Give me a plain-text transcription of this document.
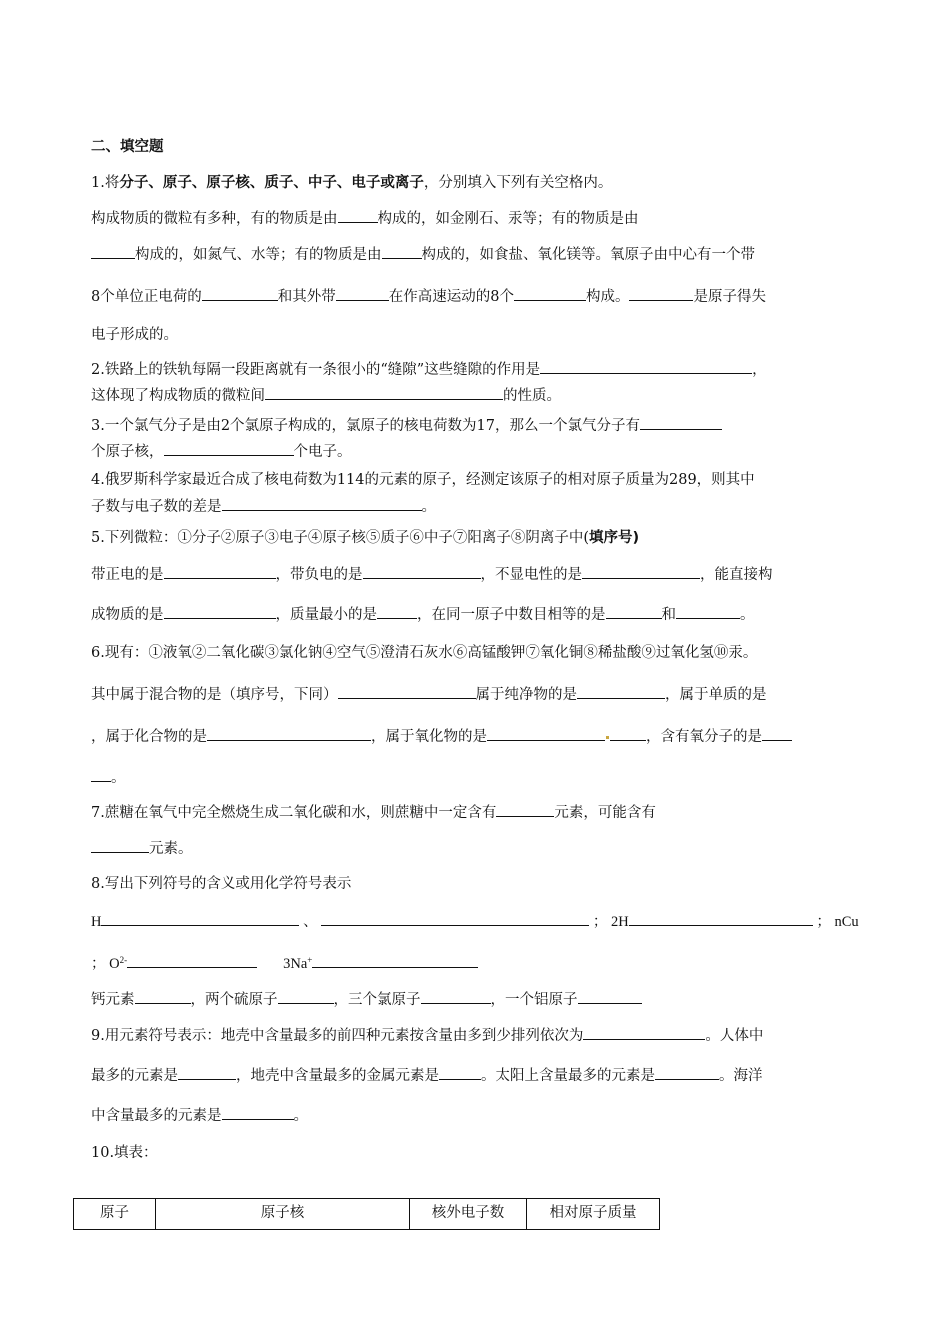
二、填空题
1.将分子、原子、原子核、质子、中子、电子或离子，分别填入下列有关空格内。
构成物质的微粒有多种，有的物质是由	构成的，如金刚石、汞等；有的物质是由
构成的，如氮气、水等；有的物质是由	构成的，如食盐、氧化镁等。氧原子由中心有一个带
8个单位正电荷的	和其外带	在作高速运动的8个	构成。	是原子得失
电子形成的。
2.铁路上的铁轨每隔一段距离就有一条很小的“缝隙”这些缝隙的作用是	，
这体现了构成物质的微粒间	的性质。
3.一个氯气分子是由2个氯原子构成的，氯原子的核电荷数为17，那么一个氯气分子有
个原子核，	个电子。
4.俄罗斯科学家最近合成了核电荷数为114的元素的原子，经测定该原子的相对原子质量为289，则其中
子数与电子数的差是	。
5.下列微粒：①分子②原子③电子④原子核⑤质子⑥中子⑦阳离子⑧阴离子中(填序号)
带正电的是	，带负电的是	，不显电性的是	，能直接构
成物质的是	，质量最小的是	，在同一原子中数目相等的是	和	。
6.现有：①液氧②二氧化碳③氯化钠④空气⑤澄清石灰水⑥高锰酸钾⑦氧化铜⑧稀盐酸⑨过氧化氢⑩汞。
其中属于混合物的是（填序号，下同）	属于纯净物的是	，属于单质的是
，属于化合物的是	，属于氧化物的是	，含有氧分子的是
。
7.蔗糖在氧气中完全燃烧生成二氧化碳和水，则蔗糖中一定含有	元素，可能含有
元素。
8.写出下列符号的含义或用化学符号表示
H	、	； 2H	； nCu
； $O^{2-}$	3Na+
钙元素	，两个硫原子	，三个氯原子	，一个铝原子
9.用元素符号表示：地壳中含量最多的前四种元素按含量由多到少排列依次为	。人体中
最多的元素是	，地壳中含量最多的金属元素是	。太阳上含量最多的元素是	。海洋
中含量最多的元素是	。
10.填表：
原子	原子核	核外电子数	相对原子质量
